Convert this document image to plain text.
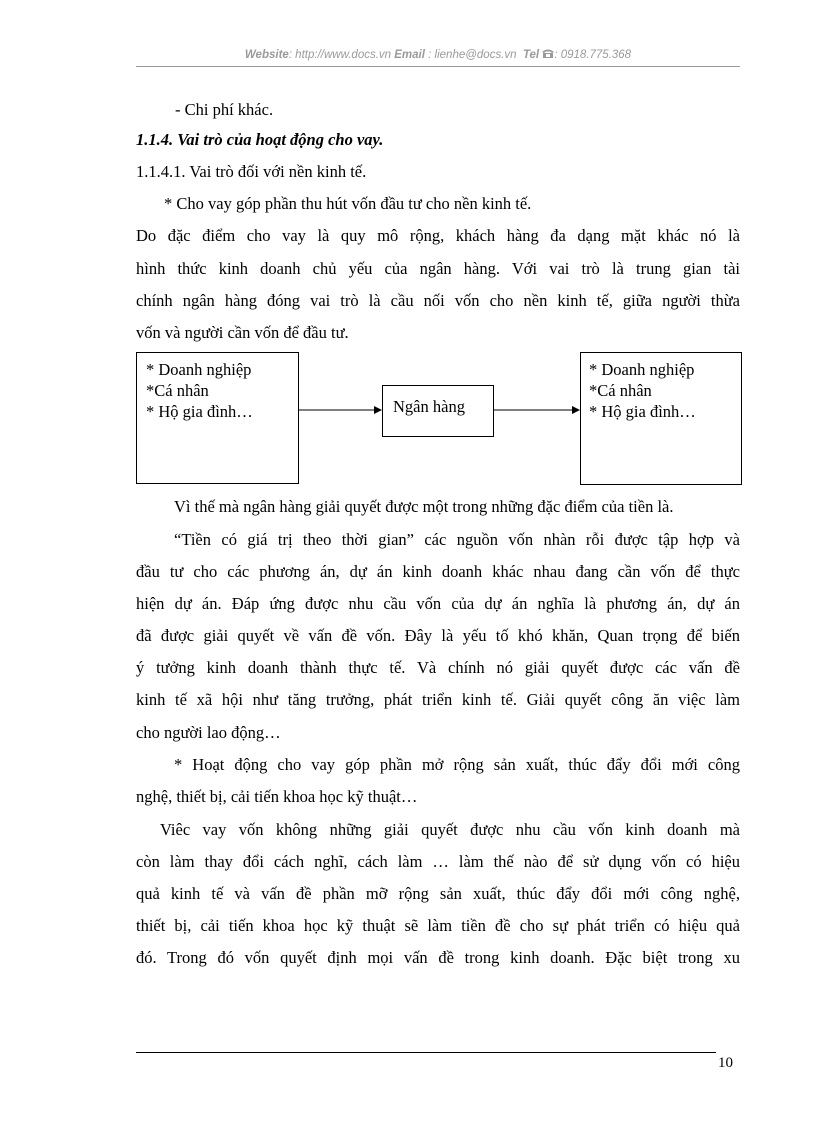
Website: http://www.docs.vn Email : lienhe@docs.vn Tel : 0918.775.368
- Chi phí khác.
1.1.4. Vai trò của hoạt động cho vay.
1.1.4.1. Vai trò đối với nền kinh tế.
* Cho vay góp phần thu hút vốn đầu tư cho nền kinh tế.
Do đặc điểm cho vay là quy mô rộng, khách hàng đa dạng mặt khác nó là
hình thức kinh doanh chủ yếu của ngân hàng. Với vai trò là trung gian tài
chính ngân hàng đóng vai trò là cầu nối vốn cho nền kinh tế, giữa người thừa
vốn và người cần vốn để đầu tư.
* Doanh nghiệp
*Cá nhân
* Hộ gia đình…	Ngân hàng
* Doanh nghiệp
*Cá nhân
* Hộ gia đình…
Vì thế mà ngân hàng giải quyết được một trong những đặc điểm của tiền là.
“Tiền có giá trị theo thời gian” các nguồn vốn nhàn rỗi được tập hợp và
đầu tư cho các phương án, dự án kinh doanh khác nhau đang cần vốn để thực
hiện dự án. Đáp ứng được nhu cầu vốn của dự án nghĩa là phương án, dự án
đã được giải quyết về vấn đề vốn. Đây là yếu tố khó khăn, Quan trọng để biến
ý tưởng kinh doanh thành thực tế. Và chính nó giải quyết được các vấn đề
kinh tế xã hội như tăng trưởng, phát triển kinh tế. Giải quyết công ăn việc làm
cho người lao động…
* Hoạt động cho vay góp phần mở rộng sản xuất, thúc đẩy đổi mới công
nghệ, thiết bị, cải tiến khoa học kỹ thuật…
Viêc vay vốn không những giải quyết được nhu cầu vốn kinh doanh mà
còn làm thay đổi cách nghĩ, cách làm … làm thế nào để sử dụng vốn có hiệu
quả kinh tế và vấn đề phần mỡ rộng sản xuất, thúc đẩy đổi mới công nghệ,
thiết bị, cải tiến khoa học kỹ thuật sẽ làm tiền đề cho sự phát triển có hiệu quả
đó. Trong đó vốn quyết định mọi vấn đề trong kinh doanh. Đặc biệt trong xu
10
